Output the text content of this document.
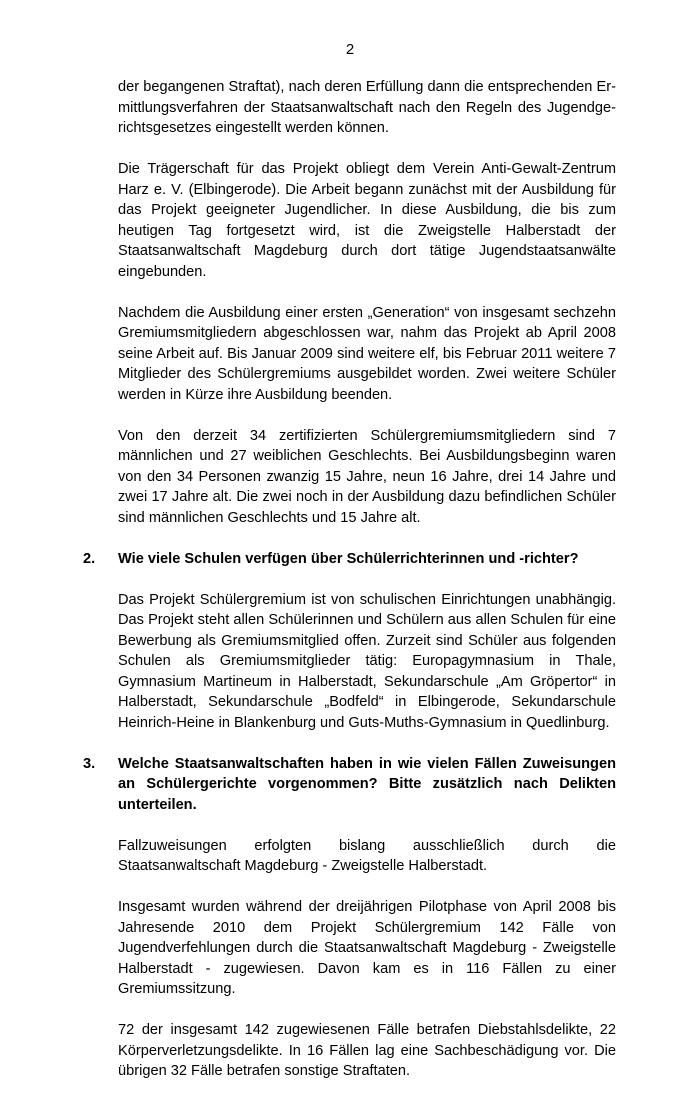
2

der begangenen Straftat), nach deren Erfüllung dann die entsprechenden Ermittlungsverfahren der Staatsanwaltschaft nach den Regeln des Jugendgerichtsgesetzes eingestellt werden können.

Die Trägerschaft für das Projekt obliegt dem Verein Anti-Gewalt-Zentrum Harz e. V. (Elbingerode). Die Arbeit begann zunächst mit der Ausbildung für das Projekt geeigneter Jugendlicher. In diese Ausbildung, die bis zum heutigen Tag fortgesetzt wird, ist die Zweigstelle Halberstadt der Staatsanwaltschaft Magdeburg durch dort tätige Jugendstaatsanwälte eingebunden.

Nachdem die Ausbildung einer ersten „Generation“ von insgesamt sechzehn Gremiumsmitgliedern abgeschlossen war, nahm das Projekt ab April 2008 seine Arbeit auf. Bis Januar 2009 sind weitere elf, bis Februar 2011 weitere 7 Mitglieder des Schülergremiums ausgebildet worden. Zwei weitere Schüler werden in Kürze ihre Ausbildung beenden.

Von den derzeit 34 zertifizierten Schülergremiumsmitgliedern sind 7 männlichen und 27 weiblichen Geschlechts. Bei Ausbildungsbeginn waren von den 34 Personen zwanzig 15 Jahre, neun 16 Jahre, drei 14 Jahre und zwei 17 Jahre alt. Die zwei noch in der Ausbildung dazu befindlichen Schüler sind männlichen Geschlechts und 15 Jahre alt.

2. Wie viele Schulen verfügen über Schülerrichterinnen und -richter?

Das Projekt Schülergremium ist von schulischen Einrichtungen unabhängig. Das Projekt steht allen Schülerinnen und Schülern aus allen Schulen für eine Bewerbung als Gremiumsmitglied offen. Zurzeit sind Schüler aus folgenden Schulen als Gremiumsmitglieder tätig: Europagymnasium in Thale, Gymnasium Martineum in Halberstadt, Sekundarschule „Am Gröpertor“ in Halberstadt, Sekundarschule „Bodfeld“ in Elbingerode, Sekundarschule Heinrich-Heine in Blankenburg und Guts-Muths-Gymnasium in Quedlinburg.

3. Welche Staatsanwaltschaften haben in wie vielen Fällen Zuweisungen an Schülergerichte vorgenommen? Bitte zusätzlich nach Delikten unterteilen.

Fallzuweisungen erfolgten bislang ausschließlich durch die Staatsanwaltschaft Magdeburg - Zweigstelle Halberstadt.

Insgesamt wurden während der dreijährigen Pilotphase von April 2008 bis Jahresende 2010 dem Projekt Schülergremium 142 Fälle von Jugendverfehlungen durch die Staatsanwaltschaft Magdeburg - Zweigstelle Halberstadt - zugewiesen. Davon kam es in 116 Fällen zu einer Gremiumssitzung.

72 der insgesamt 142 zugewiesenen Fälle betrafen Diebstahlsdelikte, 22 Körperverletzungsdelikte. In 16 Fällen lag eine Sachbeschädigung vor. Die übrigen 32 Fälle betrafen sonstige Straftaten.
